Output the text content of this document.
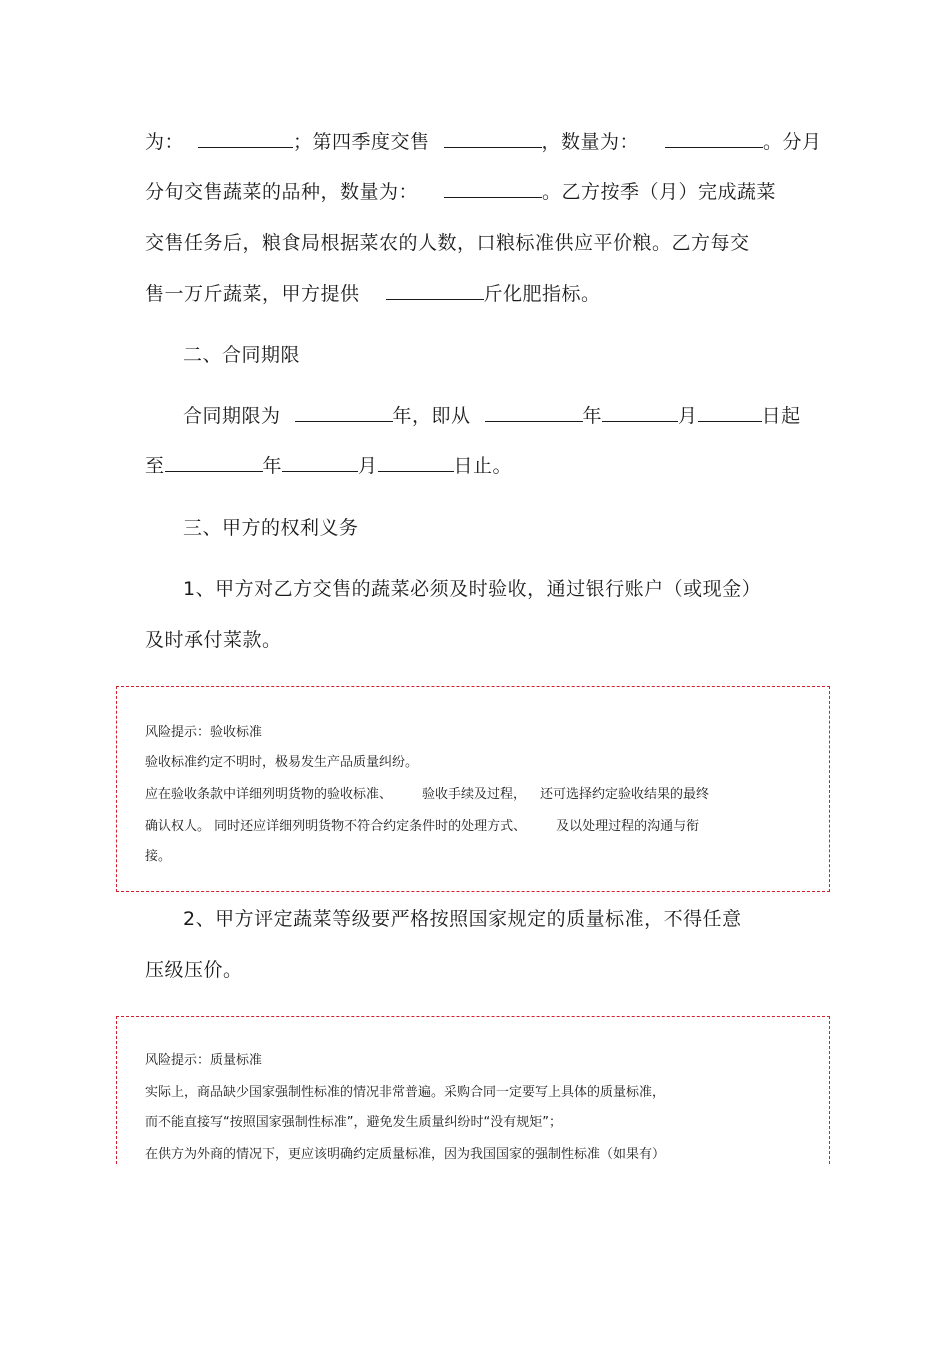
为：	；第四季度交售	，数量为：	。分月
分旬交售蔬菜的品种，数量为：	。乙方按季（月）完成蔬菜
交售任务后，粮食局根据菜农的人数，口粮标准供应平价粮。乙方每交
售一万斤蔬菜，甲方提供	斤化肥指标。
二、合同期限
合同期限为	年，即从	年	月	日起
至	年	月	日止。
三、甲方的权利义务
1、甲方对乙方交售的蔬菜必须及时验收，通过银行账户（或现金）
及时承付菜款。
风险提示：验收标准
验收标准约定不明时，极易发生产品质量纠纷。
应在验收条款中详细列明货物的验收标准、 验收手续及过程， 还可选择约定验收结果的最终
确认权人。 同时还应详细列明货物不符合约定条件时的处理方式、 及以处理过程的沟通与衔
接。
2、甲方评定蔬菜等级要严格按照国家规定的质量标准，不得任意
压级压价。
风险提示：质量标准
实际上，商品缺少国家强制性标准的情况非常普遍。采购合同一定要写上具体的质量标准，
而不能直接写“按照国家强制性标准”，避免发生质量纠纷时“没有规矩”；
在供方为外商的情况下，更应该明确约定质量标准，因为我国国家的强制性标准（如果有）
